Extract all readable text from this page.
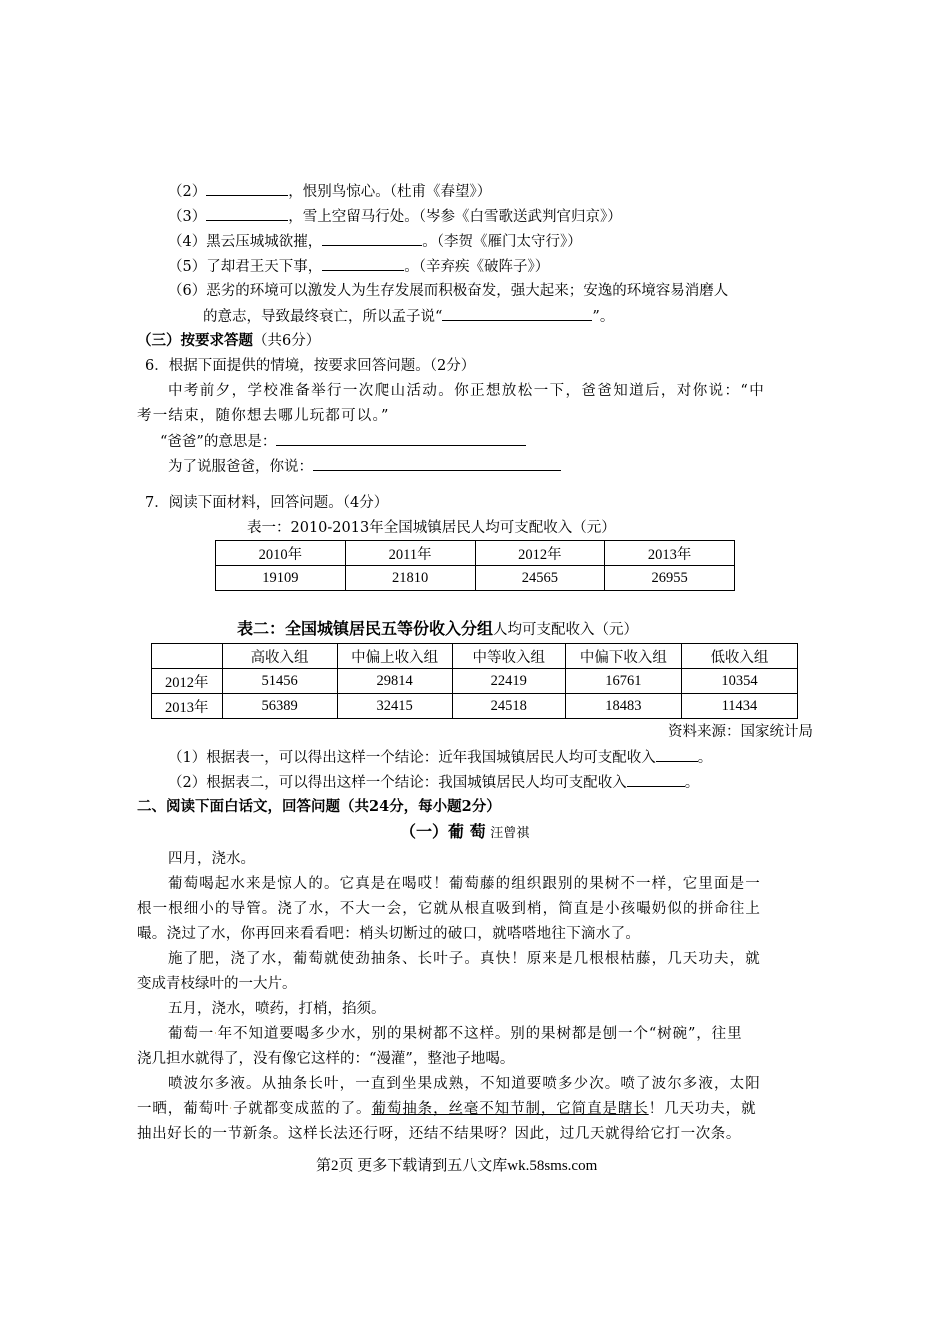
（2）	，恨别鸟惊心。（杜甫《春望》）
（3）	，雪上空留马行处。（岑参《白雪歌送武判官归京》）
（4）黑云压城城欲摧，	。（李贺《雁门太守行》）
（5）了却君王天下事，	。（辛弃疾《破阵子》）
（6）恶劣的环境可以激发人为生存发展而积极奋发，强大起来；安逸的环境容易消磨人
的意志，导致最终衰亡，所以孟子说“	”。
（三）按要求答题（共6分）
6．根据下面提供的情境，按要求回答问题。（2分）
中考前夕，学校准备举行一次爬山活动。你正想放松一下，爸爸知道后，对你说：“中
考一结束，随你想去哪儿玩都可以。”
“爸爸”的意思是：
为了说服爸爸，你说：
7．阅读下面材料，回答问题。（4分）
表一：2010-2013年全国城镇居民人均可支配收入（元）
2010年	2011年	2012年	2013年
19109	21810	24565	26955
表二：全国城镇居民五等份收入分组人均可支配收入（元）
	高收入组	中偏上收入组	中等收入组	中偏下收入组	低收入组
2012年	51456	29814	22419	16761	10354
2013年	56389	32415	24518	18483	11434
资料来源：国家统计局
（1）根据表一，可以得出这样一个结论：近年我国城镇居民人均可支配收入	。
（2）根据表二，可以得出这样一个结论：我国城镇居民人均可支配收入	。
二、阅读下面白话文，回答问题（共24分，每小题2分）
（一）葡 萄 汪曾祺
四月，浇水。
葡萄喝起水来是惊人的。它真是在喝哎！葡萄藤的组织跟别的果树不一样，它里面是一
根一根细小的导管。浇了水，不大一会，它就从根直吸到梢，简直是小孩嘬奶似的拼命往上
嘬。浇过了水，你再回来看看吧：梢头切断过的破口，就嗒嗒地往下滴水了。
施了肥，浇了水，葡萄就使劲抽条、长叶子。真快！原来是几根根枯藤，几天功夫，就
变成青枝绿叶的一大片。
五月，浇水，喷药，打梢，掐须。
葡萄一·年不知道要喝多少水，别的果树都不这样。别的果树都是刨一个“树碗”，往里
浇几担水就得了，没有像它这样的：“漫灌”，整池子地喝。
喷波尔多液。从抽条长叶，一直到坐果成熟，不知道要喷多少次。喷了波尔多液，太阳
一晒，葡萄叶·子就都变成蓝的了。葡萄抽条，丝毫不知节制，它简直是瞎长！几天功夫，就
抽出好长的一节新条。这样长法还行呀，还结不结果呀？因此，过几天就得给它打一次条。
第2页 更多下载请到五八文库wk.58sms.com
